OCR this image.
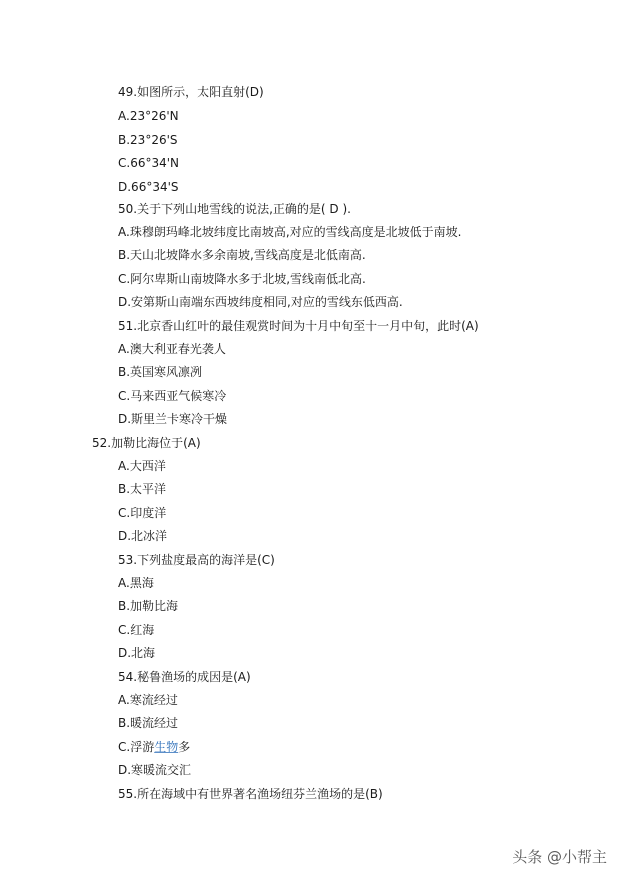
49.如图所示，太阳直射(D)
A.23°26'N
B.23°26'S
C.66°34'N
D.66°34'S
50.关于下列山地雪线的说法,正确的是( D ).
A.珠穆朗玛峰北坡纬度比南坡高,对应的雪线高度是北坡低于南坡.
B.天山北坡降水多余南坡,雪线高度是北低南高.
C.阿尔卑斯山南坡降水多于北坡,雪线南低北高.
D.安第斯山南端东西坡纬度相同,对应的雪线东低西高.
51.北京香山红叶的最佳观赏时间为十月中旬至十一月中旬，此时(A)
A.澳大利亚春光袭人
B.英国寒风凛冽
C.马来西亚气候寒冷
D.斯里兰卡寒冷干燥
52.加勒比海位于(A)
A.大西洋
B.太平洋
C.印度洋
D.北冰洋
53.下列盐度最高的海洋是(C)
A.黑海
B.加勒比海
C.红海
D.北海
54.秘鲁渔场的成因是(A)
A.寒流经过
B.暖流经过
C.浮游生物多
D.寒暖流交汇
55.所在海域中有世界著名渔场纽芬兰渔场的是(B)
头条 @小帮主
